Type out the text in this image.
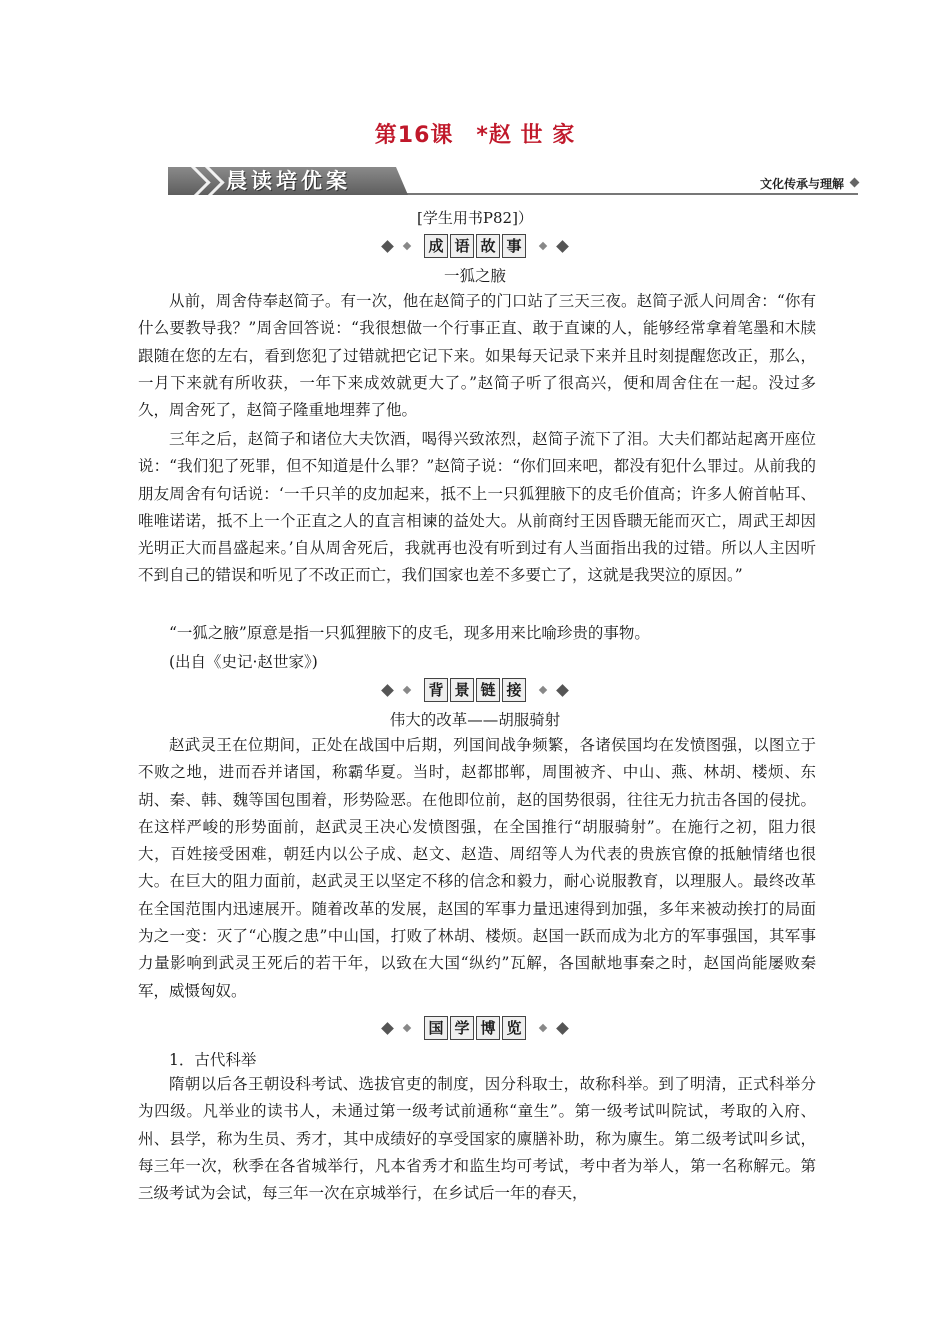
第16课　*赵 世 家
晨读培优案	文化传承与理解
[学生用书P82]）
成 语 故 事
一狐之腋

从前，周舍侍奉赵简子。有一次，他在赵简子的门口站了三天三夜。赵简子派人问周舍：“你有什么要教导我？”周舍回答说：“我很想做一个行事正直、敢于直谏的人，能够经常拿着笔墨和木牍跟随在您的左右，看到您犯了过错就把它记下来。如果每天记录下来并且时刻提醒您改正，那么，一月下来就有所收获，一年下来成效就更大了。”赵简子听了很高兴，便和周舍住在一起。没过多久，周舍死了，赵简子隆重地埋葬了他。

三年之后，赵简子和诸位大夫饮酒，喝得兴致浓烈，赵简子流下了泪。大夫们都站起离开座位说：“我们犯了死罪，但不知道是什么罪？”赵简子说：“你们回来吧，都没有犯什么罪过。从前我的朋友周舍有句话说：‘一千只羊的皮加起来，抵不上一只狐狸腋下的皮毛价值高；许多人俯首帖耳、唯唯诺诺，抵不上一个正直之人的直言相谏的益处大。从前商纣王因昏聩无能而灭亡，周武王却因光明正大而昌盛起来。’自从周舍死后，我就再也没有听到过有人当面指出我的过错。所以人主因听不到自己的错误和听见了不改正而亡，我们国家也差不多要亡了，这就是我哭泣的原因。”

“一狐之腋”原意是指一只狐狸腋下的皮毛，现多用来比喻珍贵的事物。

(出自《史记·赵世家》)
背 景 链 接
伟大的改革——胡服骑射

赵武灵王在位期间，正处在战国中后期，列国间战争频繁，各诸侯国均在发愤图强，以图立于不败之地，进而吞并诸国，称霸华夏。当时，赵都邯郸，周围被齐、中山、燕、林胡、楼烦、东胡、秦、韩、魏等国包围着，形势险恶。在他即位前，赵的国势很弱，往往无力抗击各国的侵扰。在这样严峻的形势面前，赵武灵王决心发愤图强，在全国推行“胡服骑射”。在施行之初，阻力很大，百姓接受困难，朝廷内以公子成、赵文、赵造、周绍等人为代表的贵族官僚的抵触情绪也很大。在巨大的阻力面前，赵武灵王以坚定不移的信念和毅力，耐心说服教育，以理服人。最终改革在全国范围内迅速展开。随着改革的发展，赵国的军事力量迅速得到加强，多年来被动挨打的局面为之一变：灭了“心腹之患”中山国，打败了林胡、楼烦。赵国一跃而成为北方的军事强国，其军事力量影响到武灵王死后的若干年，以致在大国“纵约”瓦解，各国献地事秦之时，赵国尚能屡败秦军，威慑匈奴。

国 学 博 览
1．古代科举

隋朝以后各王朝设科考试、选拔官吏的制度，因分科取士，故称科举。到了明清，正式科举分为四级。凡举业的读书人，未通过第一级考试前通称“童生”。第一级考试叫院试，考取的入府、州、县学，称为生员、秀才，其中成绩好的享受国家的廪膳补助，称为廪生。第二级考试叫乡试，每三年一次，秋季在各省城举行，凡本省秀才和监生均可考试，考中者为举人，第一名称解元。第三级考试为会试，每三年一次在京城举行，在乡试后一年的春天，
